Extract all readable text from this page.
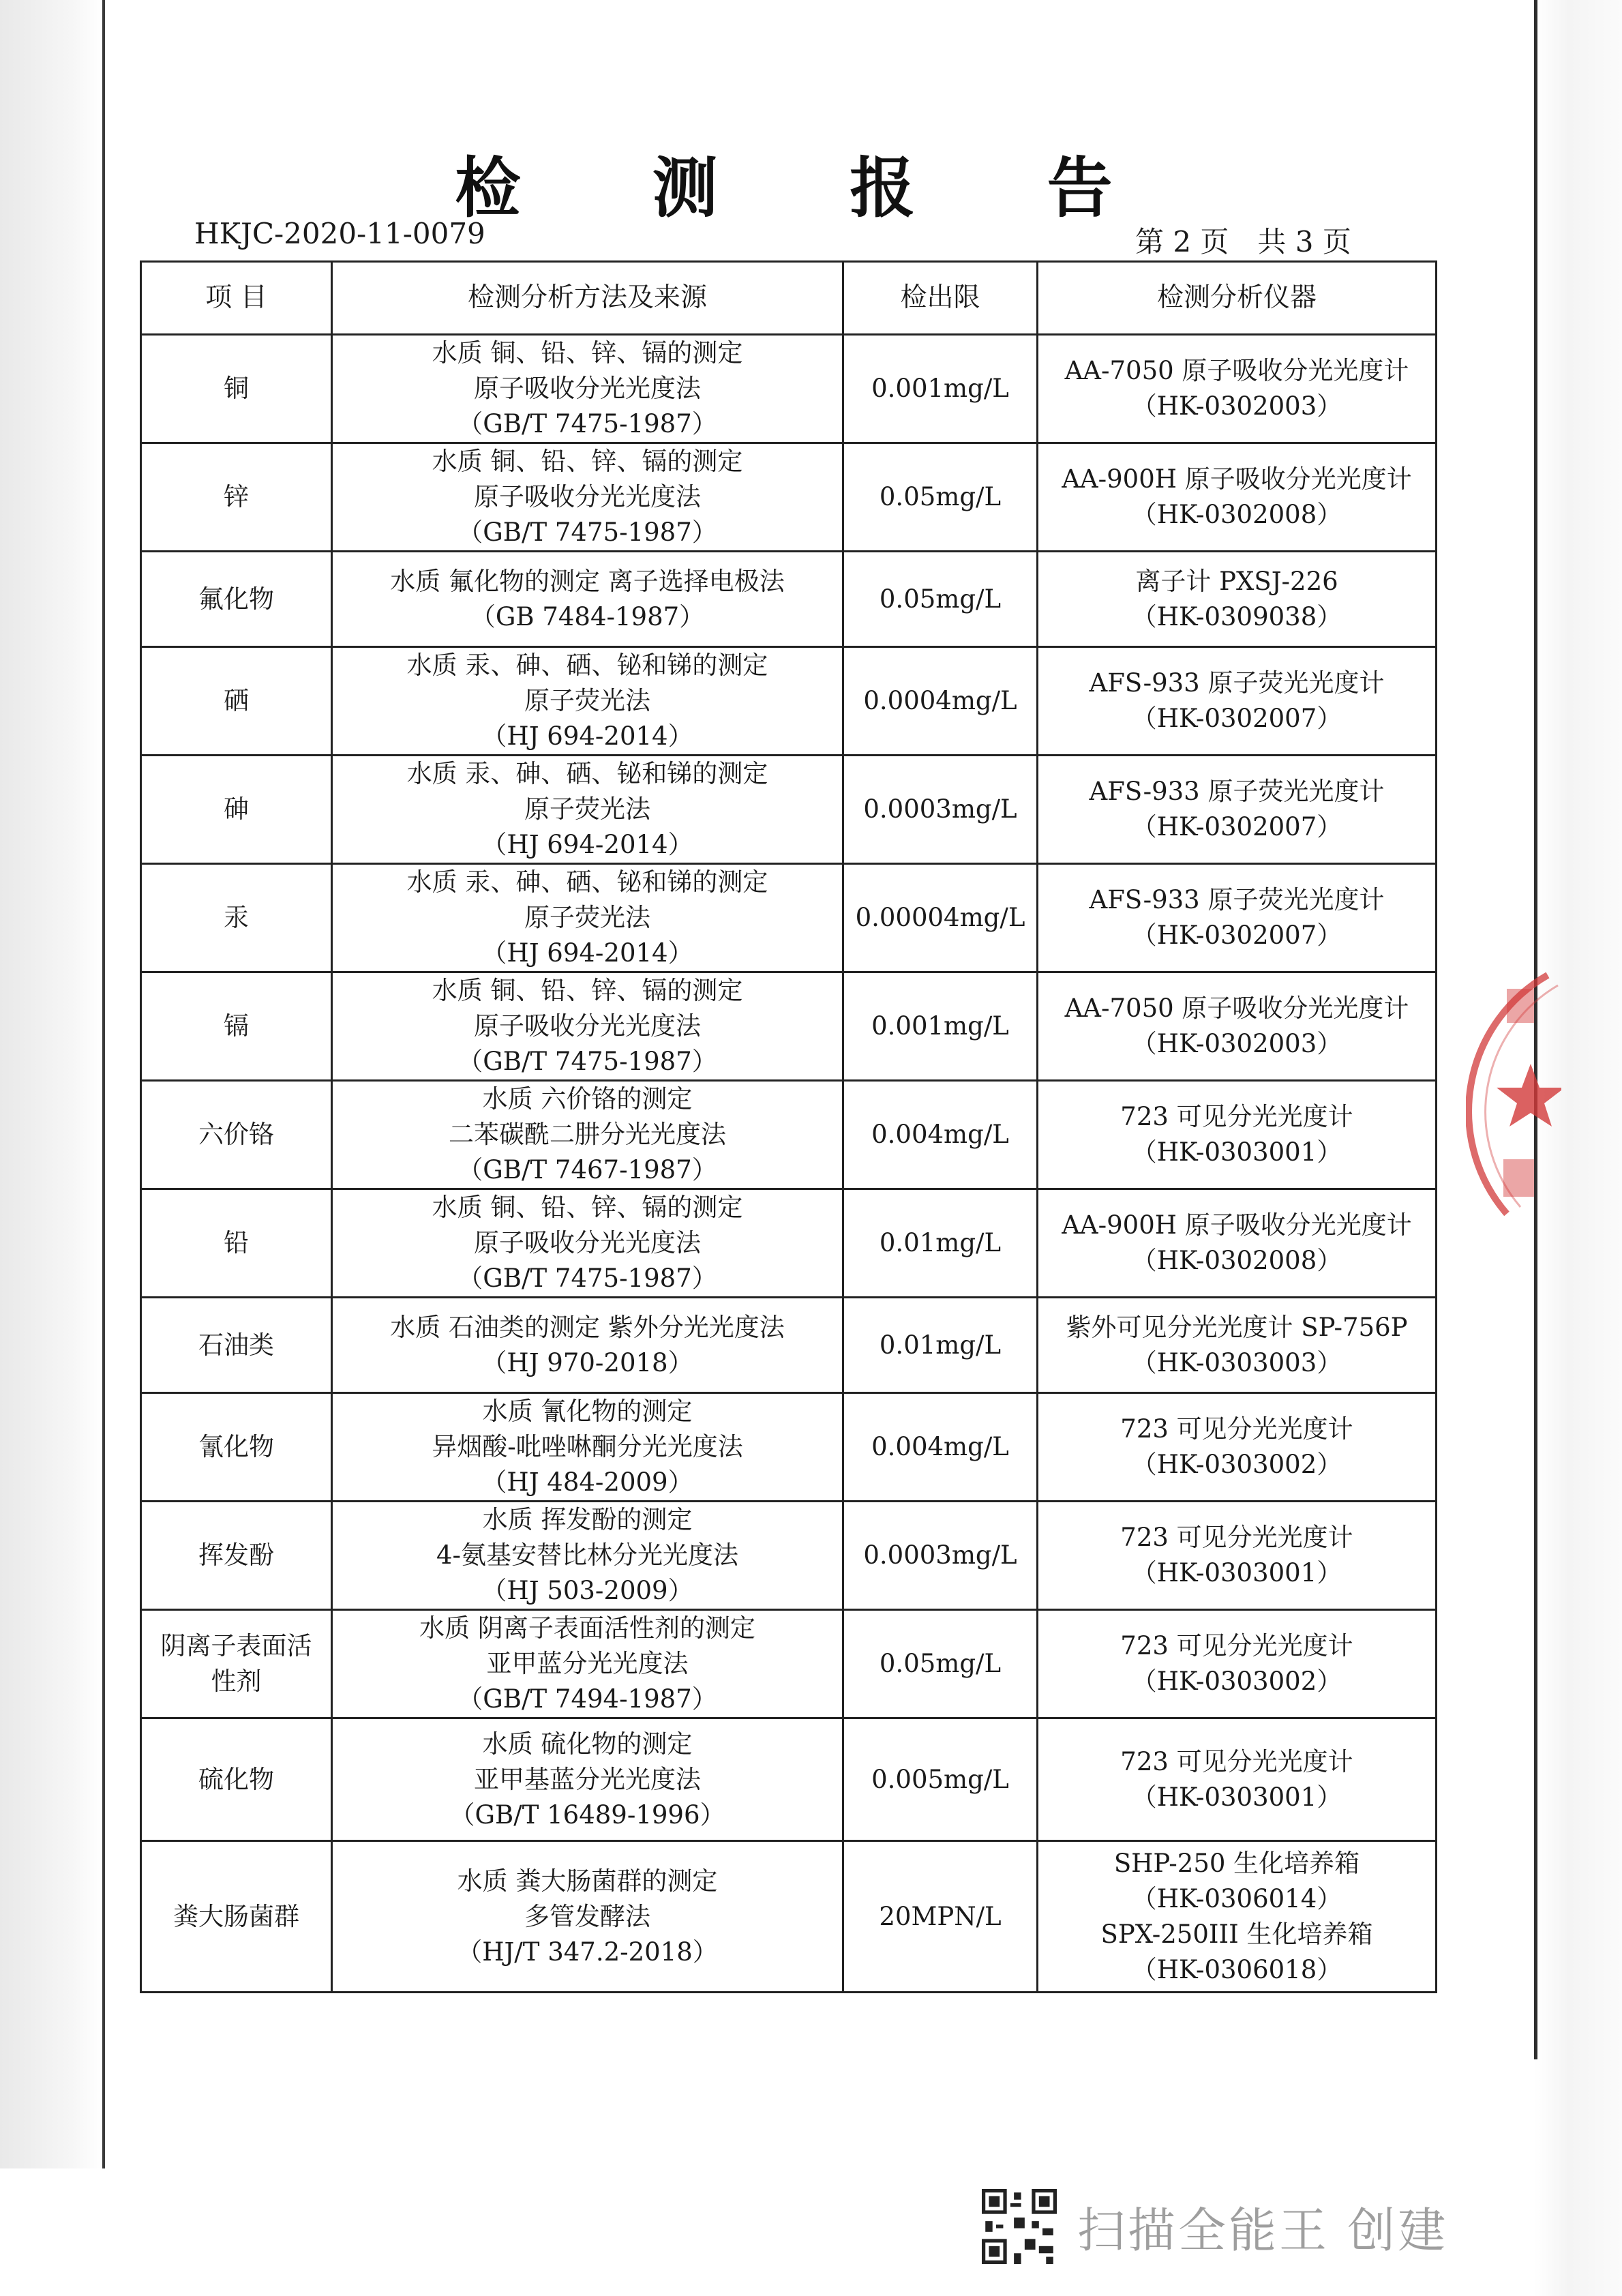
检 测 报 告
HKJC-2020-11-0079	第 2 页　共 3 页
项 目	检测分析方法及来源	检出限	检测分析仪器
铜	水质 铜、铅、锌、镉的测定
原子吸收分光光度法
（GB/T 7475-1987）	0.001mg/L	AA-7050 原子吸收分光光度计
（HK-0302003）
锌	水质 铜、铅、锌、镉的测定
原子吸收分光光度法
（GB/T 7475-1987）	0.05mg/L	AA-900H 原子吸收分光光度计
（HK-0302008）
氟化物	水质 氟化物的测定 离子选择电极法
（GB 7484-1987）	0.05mg/L	离子计 PXSJ-226
（HK-0309038）
硒	水质 汞、砷、硒、铋和锑的测定
原子荧光法
（HJ 694-2014）	0.0004mg/L	AFS-933 原子荧光光度计
（HK-0302007）
砷	水质 汞、砷、硒、铋和锑的测定
原子荧光法
（HJ 694-2014）	0.0003mg/L	AFS-933 原子荧光光度计
（HK-0302007）
汞	水质 汞、砷、硒、铋和锑的测定
原子荧光法
（HJ 694-2014）	0.00004mg/L	AFS-933 原子荧光光度计
（HK-0302007）
镉	水质 铜、铅、锌、镉的测定
原子吸收分光光度法
（GB/T 7475-1987）	0.001mg/L	AA-7050 原子吸收分光光度计
（HK-0302003）
六价铬	水质 六价铬的测定
二苯碳酰二肼分光光度法
（GB/T 7467-1987）	0.004mg/L	723 可见分光光度计
（HK-0303001）
铅	水质 铜、铅、锌、镉的测定
原子吸收分光光度法
（GB/T 7475-1987）	0.01mg/L	AA-900H 原子吸收分光光度计
（HK-0302008）
石油类	水质 石油类的测定 紫外分光光度法
（HJ 970-2018）	0.01mg/L	紫外可见分光光度计 SP-756P
（HK-0303003）
氰化物	水质 氰化物的测定
异烟酸-吡唑啉酮分光光度法
（HJ 484-2009）	0.004mg/L	723 可见分光光度计
（HK-0303002）
挥发酚	水质 挥发酚的测定
4-氨基安替比林分光光度法
（HJ 503-2009）	0.0003mg/L	723 可见分光光度计
（HK-0303001）
阴离子表面活
性剂	水质 阴离子表面活性剂的测定
亚甲蓝分光光度法
（GB/T 7494-1987）	0.05mg/L	723 可见分光光度计
（HK-0303002）
硫化物	水质 硫化物的测定
亚甲基蓝分光光度法
（GB/T 16489-1996）	0.005mg/L	723 可见分光光度计
（HK-0303001）
粪大肠菌群	水质 粪大肠菌群的测定
多管发酵法
（HJ/T 347.2-2018）	20MPN/L	SHP-250 生化培养箱
（HK-0306014）
SPX-250III 生化培养箱
（HK-0306018）
扫描全能王 创建
